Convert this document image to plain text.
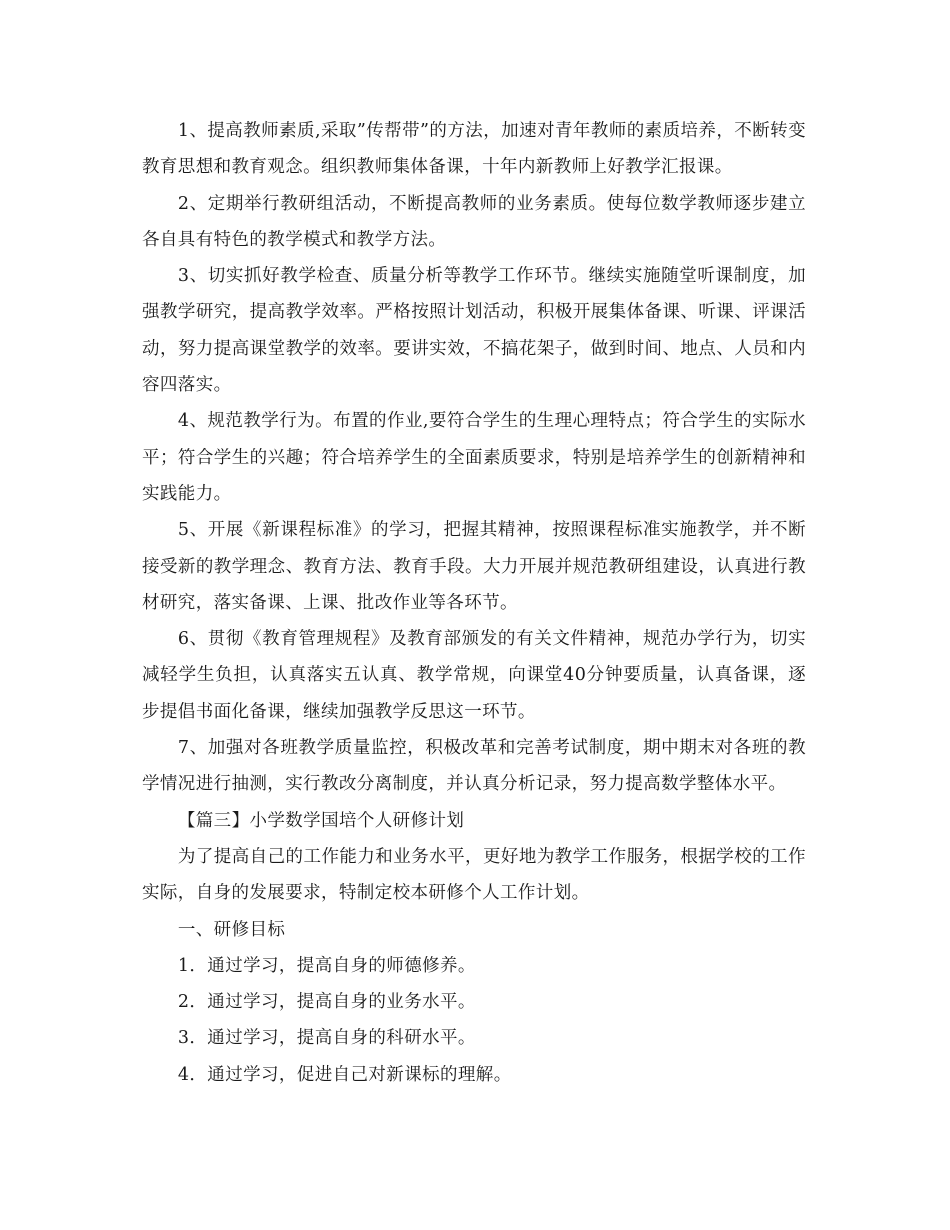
1、提高教师素质,采取”传帮带”的方法，加速对青年教师的素质培养，不断转变教育思想和教育观念。组织教师集体备课，十年内新教师上好教学汇报课。

2、定期举行教研组活动，不断提高教师的业务素质。使每位数学教师逐步建立各自具有特色的教学模式和教学方法。

3、切实抓好教学检查、质量分析等教学工作环节。继续实施随堂听课制度，加强教学研究，提高教学效率。严格按照计划活动，积极开展集体备课、听课、评课活动，努力提高课堂教学的效率。要讲实效，不搞花架子，做到时间、地点、人员和内容四落实。

4、规范教学行为。布置的作业,要符合学生的生理心理特点；符合学生的实际水平；符合学生的兴趣；符合培养学生的全面素质要求，特别是培养学生的创新精神和实践能力。

5、开展《新课程标准》的学习，把握其精神，按照课程标准实施教学，并不断接受新的教学理念、教育方法、教育手段。大力开展并规范教研组建设，认真进行教材研究，落实备课、上课、批改作业等各环节。

6、贯彻《教育管理规程》及教育部颁发的有关文件精神，规范办学行为，切实减轻学生负担，认真落实五认真、教学常规，向课堂40分钟要质量，认真备课，逐步提倡书面化备课，继续加强教学反思这一环节。

7、加强对各班教学质量监控，积极改革和完善考试制度，期中期末对各班的教学情况进行抽测，实行教改分离制度，并认真分析记录，努力提高数学整体水平。

【篇三】小学数学国培个人研修计划

为了提高自己的工作能力和业务水平，更好地为教学工作服务，根据学校的工作实际，自身的发展要求，特制定校本研修个人工作计划。

一、研修目标

1．通过学习，提高自身的师德修养。

2．通过学习，提高自身的业务水平。

3．通过学习，提高自身的科研水平。

4．通过学习，促进自己对新课标的理解。
